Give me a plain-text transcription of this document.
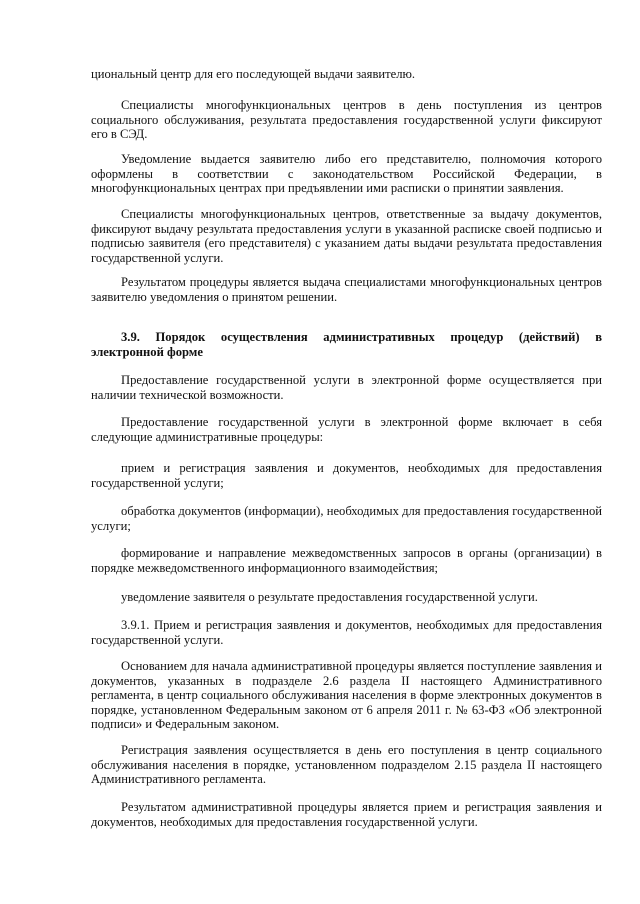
циональный центр для его последующей выдачи заявителю.

Специалисты многофункциональных центров в день поступления из центров социального обслуживания, результата предоставления государственной услуги фиксируют его в СЭД.

Уведомление выдается заявителю либо его представителю, полномочия которого оформлены в соответствии с законодательством Российской Федерации, в многофункциональных центрах при предъявлении ими расписки о принятии заявления.

Специалисты многофункциональных центров, ответственные за выдачу документов, фиксируют выдачу результата предоставления услуги в указанной расписке своей подписью и подписью заявителя (его представителя) с указанием даты выдачи результата предоставления государственной услуги.

Результатом процедуры является выдача специалистами многофункциональных центров заявителю уведомления о принятом решении.

3.9. Порядок осуществления административных процедур (действий) в электронной форме

Предоставление государственной услуги в электронной форме осуществляется при наличии технической возможности.

Предоставление государственной услуги в электронной форме включает в себя следующие административные процедуры:

прием и регистрация заявления и документов, необходимых для предоставления государственной услуги;

обработка документов (информации), необходимых для предоставления государственной услуги;

формирование и направление межведомственных запросов в органы (организации) в порядке межведомственного информационного взаимодействия;

уведомление заявителя о результате предоставления государственной услуги.

3.9.1. Прием и регистрация заявления и документов, необходимых для предоставления государственной услуги.

Основанием для начала административной процедуры является поступление заявления и документов, указанных в подразделе 2.6 раздела II настоящего Административного регламента, в центр социального обслуживания населения в форме электронных документов в порядке, установленном Федеральным законом от 6 апреля 2011 г. № 63-ФЗ «Об электронной подписи» и Федеральным законом.

Регистрация заявления осуществляется в день его поступления в центр социального обслуживания населения в порядке, установленном подразделом 2.15 раздела II настоящего Административного регламента.

Результатом административной процедуры является прием и регистрация заявления и документов, необходимых для предоставления государственной услуги.
